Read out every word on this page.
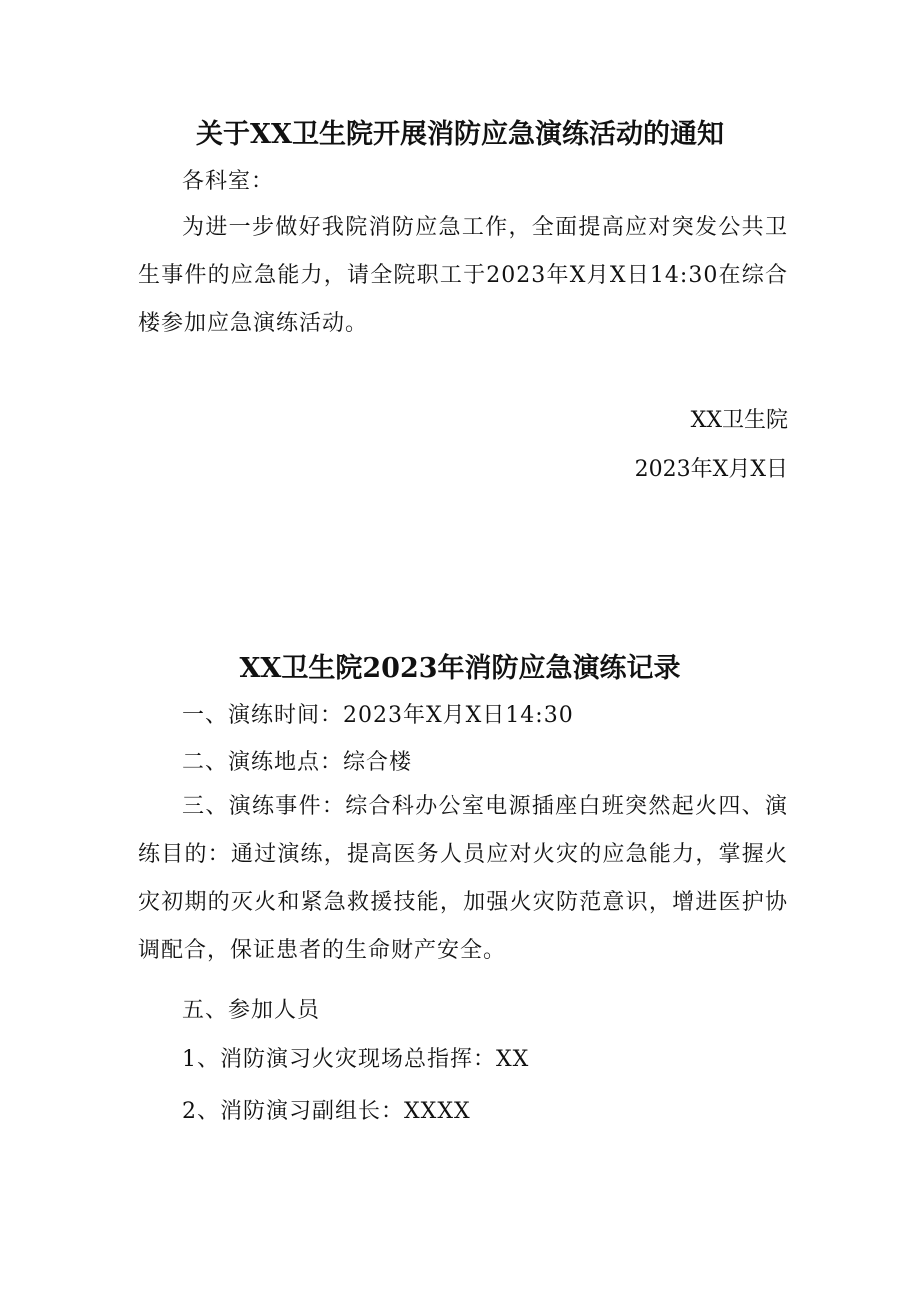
关于XX卫生院开展消防应急演练活动的通知
各科室：
为进一步做好我院消防应急工作，全面提高应对突发公共卫生事件的应急能力，请全院职工于2023年X月X日14:30在综合楼参加应急演练活动。
XX卫生院
2023年X月X日
XX卫生院2023年消防应急演练记录
一、演练时间：2023年X月X日14:30
二、演练地点：综合楼
三、演练事件：综合科办公室电源插座白班突然起火四、演练目的：通过演练，提高医务人员应对火灾的应急能力，掌握火灾初期的灭火和紧急救援技能，加强火灾防范意识，增进医护协调配合，保证患者的生命财产安全。
五、参加人员
1、消防演习火灾现场总指挥：XX
2、消防演习副组长：XXXX
